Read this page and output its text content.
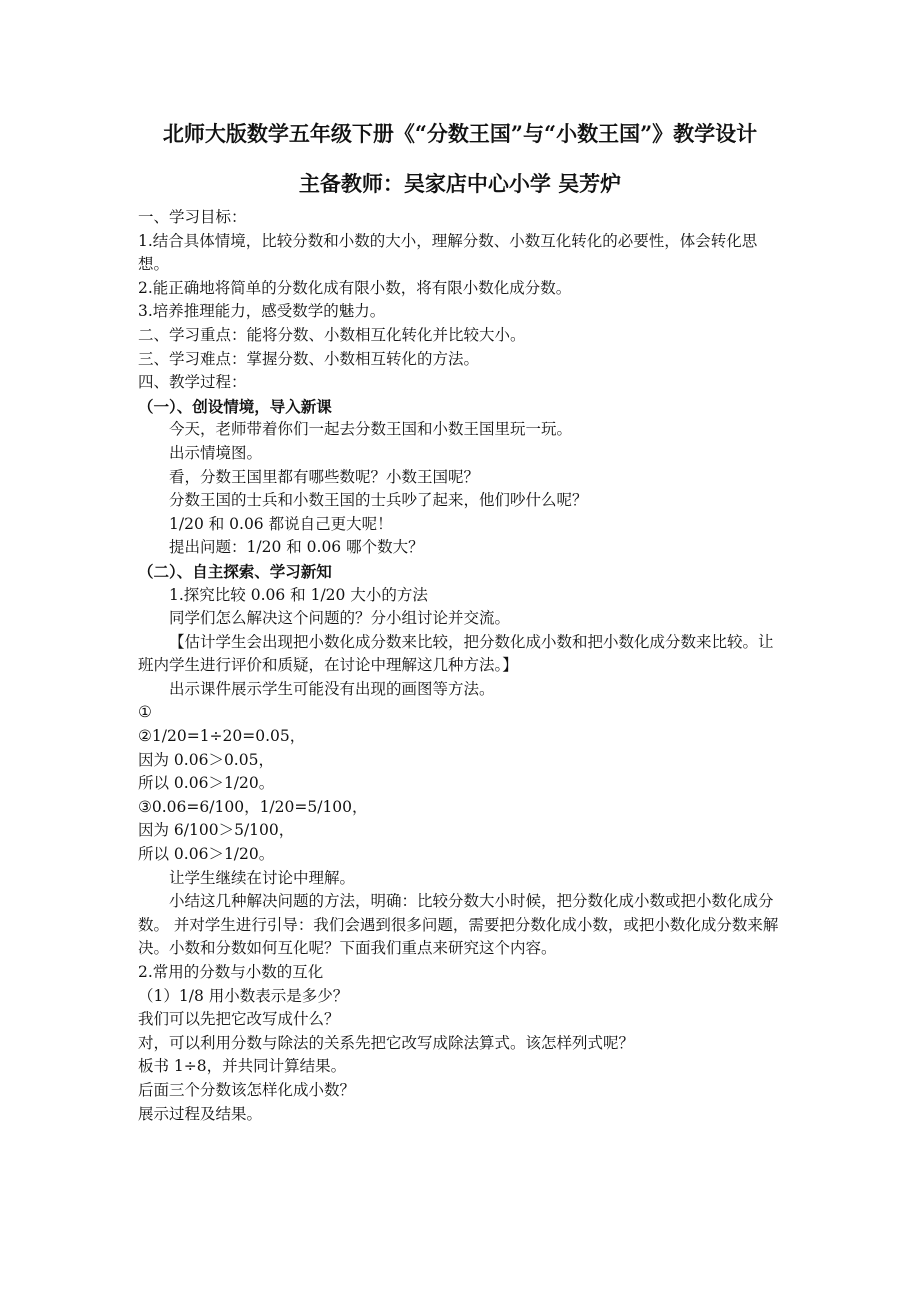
北师大版数学五年级下册《“分数王国”与“小数王国”》教学设计
主备教师：吴家店中心小学 吴芳炉

一、学习目标：

1.结合具体情境，比较分数和小数的大小，理解分数、小数互化转化的必要性，体会转化思想。

2.能正确地将简单的分数化成有限小数，将有限小数化成分数。

3.培养推理能力，感受数学的魅力。

二、学习重点：能将分数、小数相互化转化并比较大小。

三、学习难点：掌握分数、小数相互转化的方法。

四、教学过程：

（一）、创设情境，导入新课

今天，老师带着你们一起去分数王国和小数王国里玩一玩。

出示情境图。

看，分数王国里都有哪些数呢？小数王国呢？

分数王国的士兵和小数王国的士兵吵了起来，他们吵什么呢？

1/20 和 0.06 都说自己更大呢！

提出问题：1/20 和 0.06 哪个数大？

（二）、自主探索、学习新知

1.探究比较 0.06 和 1/20 大小的方法

同学们怎么解决这个问题的？分小组讨论并交流。

【估计学生会出现把小数化成分数来比较，把分数化成小数和把小数化成分数来比较。让班内学生进行评价和质疑，在讨论中理解这几种方法。】

出示课件展示学生可能没有出现的画图等方法。

①

②1/20=1÷20=0.05，

因为 0.06＞0.05，

所以 0.06＞1/20。

③0.06=6/100，1/20=5/100，

因为 6/100＞5/100，

所以 0.06＞1/20。

让学生继续在讨论中理解。

小结这几种解决问题的方法，明确：比较分数大小时候，把分数化成小数或把小数化成分数。 并对学生进行引导：我们会遇到很多问题，需要把分数化成小数，或把小数化成分数来解决。小数和分数如何互化呢？下面我们重点来研究这个内容。

2.常用的分数与小数的互化

（1）1/8 用小数表示是多少？

我们可以先把它改写成什么？

对，可以利用分数与除法的关系先把它改写成除法算式。该怎样列式呢？

板书 1÷8，并共同计算结果。

后面三个分数该怎样化成小数？

展示过程及结果。
